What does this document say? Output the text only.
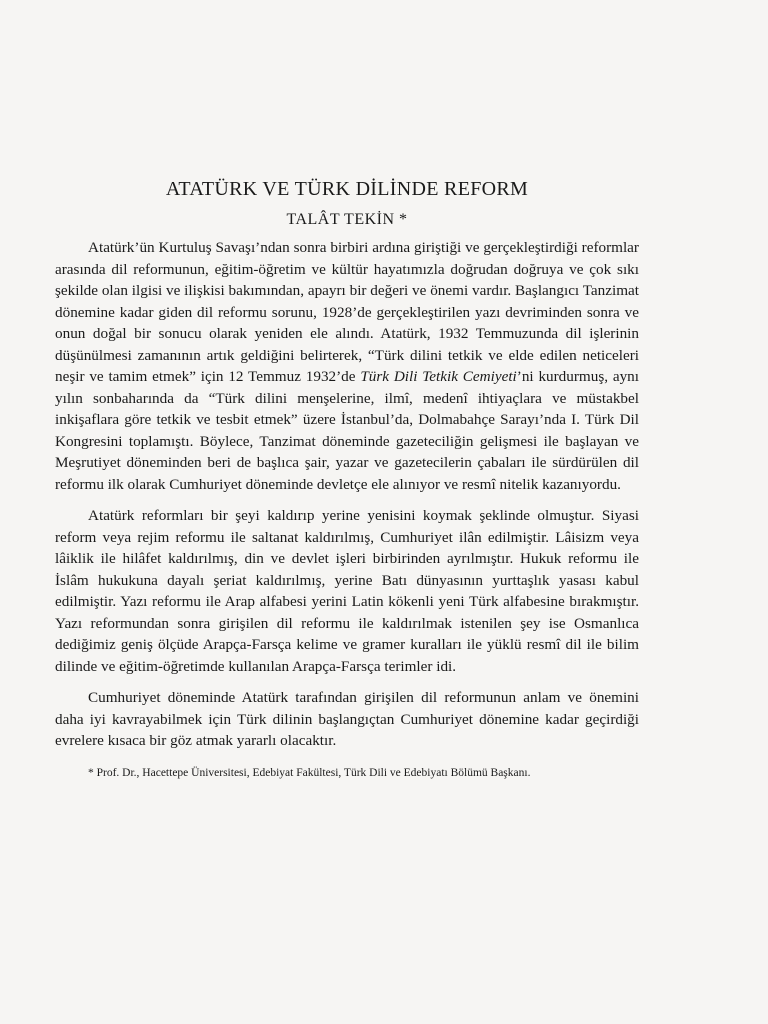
ATATÜRK VE TÜRK DİLİNDE REFORM
TALÂT TEKİN *

Atatürk’ün Kurtuluş Savaşı’ndan sonra birbiri ardına giriştiği ve gerçekleştirdiği reformlar arasında dil reformunun, eğitim-öğretim ve kültür hayatımızla doğrudan doğruya ve çok sıkı şekilde olan ilgisi ve ilişkisi bakımından, apayrı bir değeri ve önemi vardır. Başlangıcı Tanzimat dönemine kadar giden dil reformu sorunu, 1928’de gerçekleştirilen yazı devriminden sonra ve onun doğal bir sonucu olarak yeniden ele alındı. Atatürk, 1932 Temmuzunda dil işlerinin düşünülmesi zamanının artık geldiğini belirterek, “Türk dilini tetkik ve elde edilen neticeleri neşir ve tamim etmek” için 12 Temmuz 1932’de Türk Dili Tetkik Cemiyeti’ni kurdurmuş, aynı yılın sonbaharında da “Türk dilini menşelerine, ilmî, medenî ihtiyaçlara ve müstakbel inkişaflara göre tetkik ve tesbit etmek” üzere İstanbul’da, Dolmabahçe Sarayı’nda I. Türk Dil Kongresini toplamıştı. Böylece, Tanzimat döneminde gazeteciliğin gelişmesi ile başlayan ve Meşrutiyet döneminden beri de başlıca şair, yazar ve gazetecilerin çabaları ile sürdürülen dil reformu ilk olarak Cumhuriyet döneminde devletçe ele alınıyor ve resmî nitelik kazanıyordu.

Atatürk reformları bir şeyi kaldırıp yerine yenisini koymak şeklinde olmuştur. Siyasi reform veya rejim reformu ile saltanat kaldırılmış, Cumhuriyet ilân edilmiştir. Lâisizm veya lâiklik ile hilâfet kaldırılmış, din ve devlet işleri birbirinden ayrılmıştır. Hukuk reformu ile İslâm hukukuna dayalı şeriat kaldırılmış, yerine Batı dünyasının yurttaşlık yasası kabul edilmiştir. Yazı reformu ile Arap alfabesi yerini Latin kökenli yeni Türk alfabesine bırakmıştır. Yazı reformundan sonra girişilen dil reformu ile kaldırılmak istenilen şey ise Osmanlıca dediğimiz geniş ölçüde Arapça-Farsça kelime ve gramer kuralları ile yüklü resmî dil ile bilim dilinde ve eğitim-öğretimde kullanılan Arapça-Farsça terimler idi.

Cumhuriyet döneminde Atatürk tarafından girişilen dil reformunun anlam ve önemini daha iyi kavrayabilmek için Türk dilinin başlangıçtan Cumhuriyet dönemine kadar geçirdiği evrelere kısaca bir göz atmak yararlı olacaktır.

* Prof. Dr., Hacettepe Üniversitesi, Edebiyat Fakültesi, Türk Dili ve Edebiyatı Bölümü Başkanı.
